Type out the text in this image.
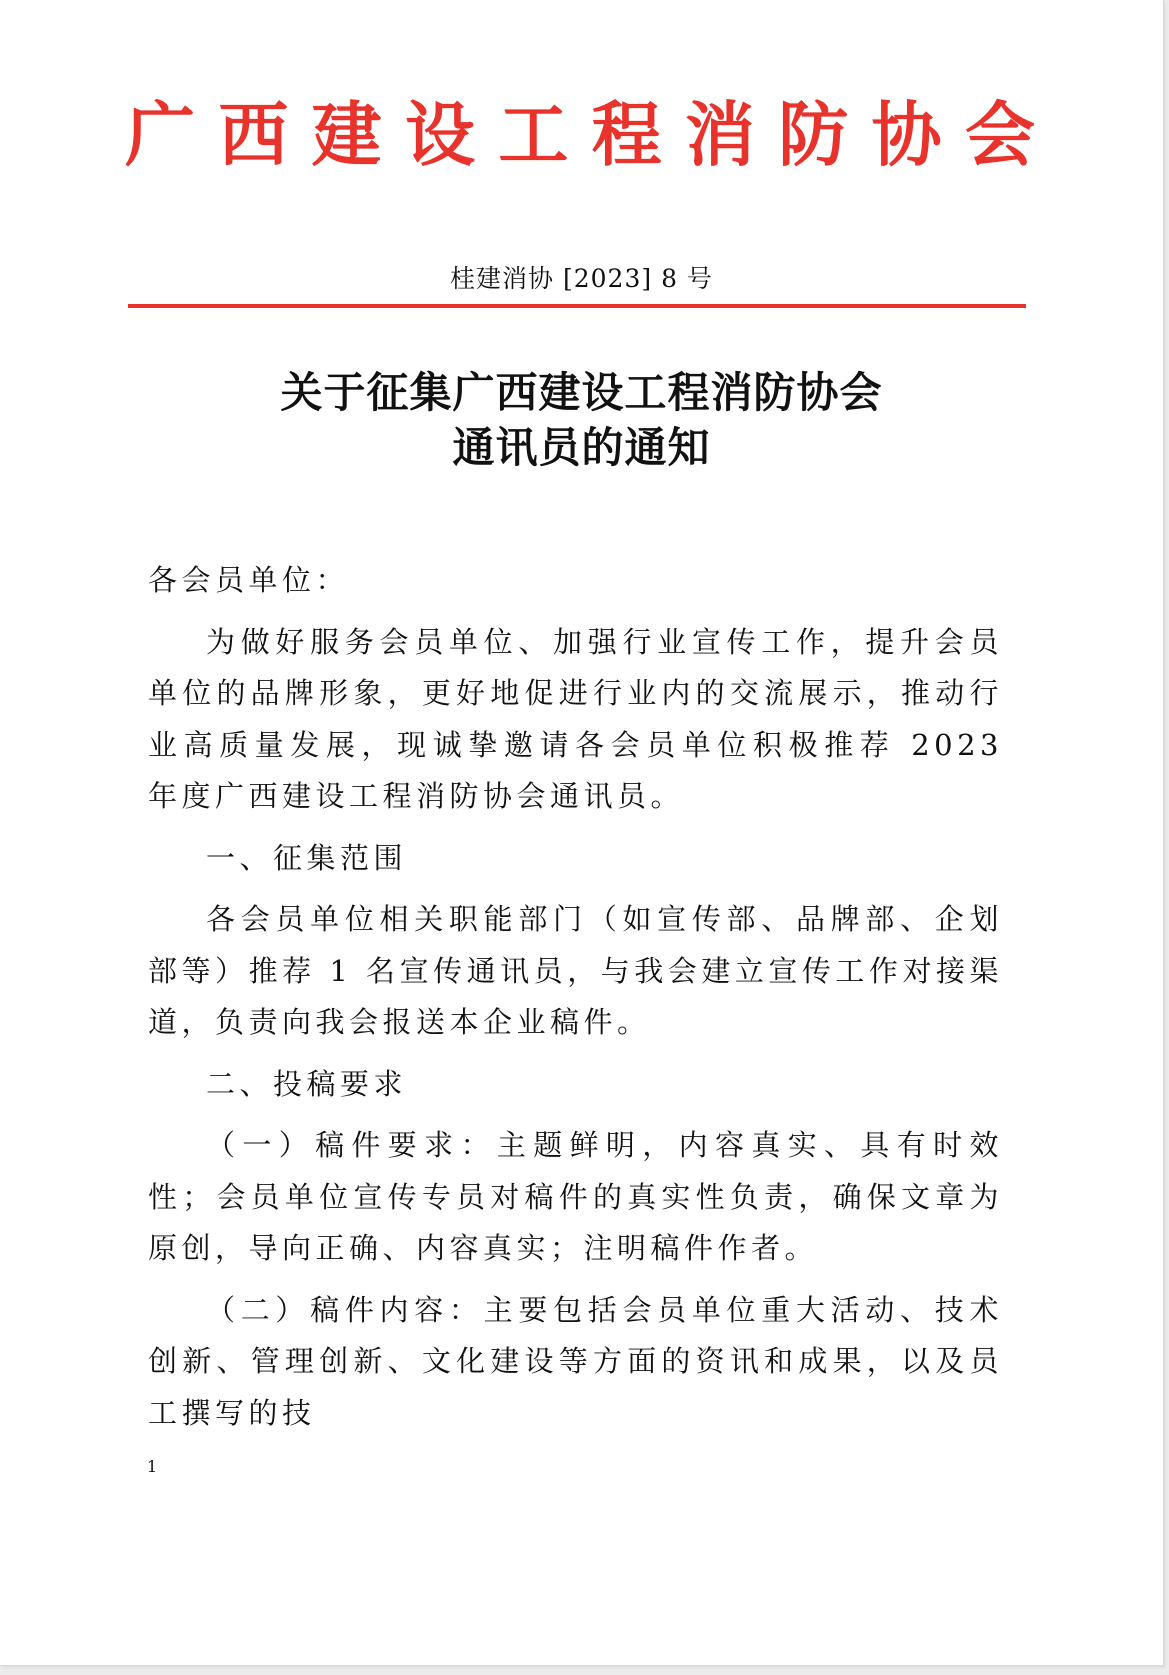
广 西 建 设 工 程 消 防 协 会
桂建消协 [2023] 8 号
关于征集广西建设工程消防协会
通讯员的通知

各会员单位：

为做好服务会员单位、加强行业宣传工作，提升会员单位的品牌形象，更好地促进行业内的交流展示，推动行业高质量发展，现诚挚邀请各会员单位积极推荐 2023 年度广西建设工程消防协会通讯员。

一、征集范围

各会员单位相关职能部门（如宣传部、品牌部、企划部等）推荐 1 名宣传通讯员，与我会建立宣传工作对接渠道，负责向我会报送本企业稿件。

二、投稿要求

（一）稿件要求：主题鲜明，内容真实、具有时效性；会员单位宣传专员对稿件的真实性负责，确保文章为原创，导向正确、内容真实；注明稿件作者。

（二）稿件内容：主要包括会员单位重大活动、技术创新、管理创新、文化建设等方面的资讯和成果，以及员工撰写的技

1
